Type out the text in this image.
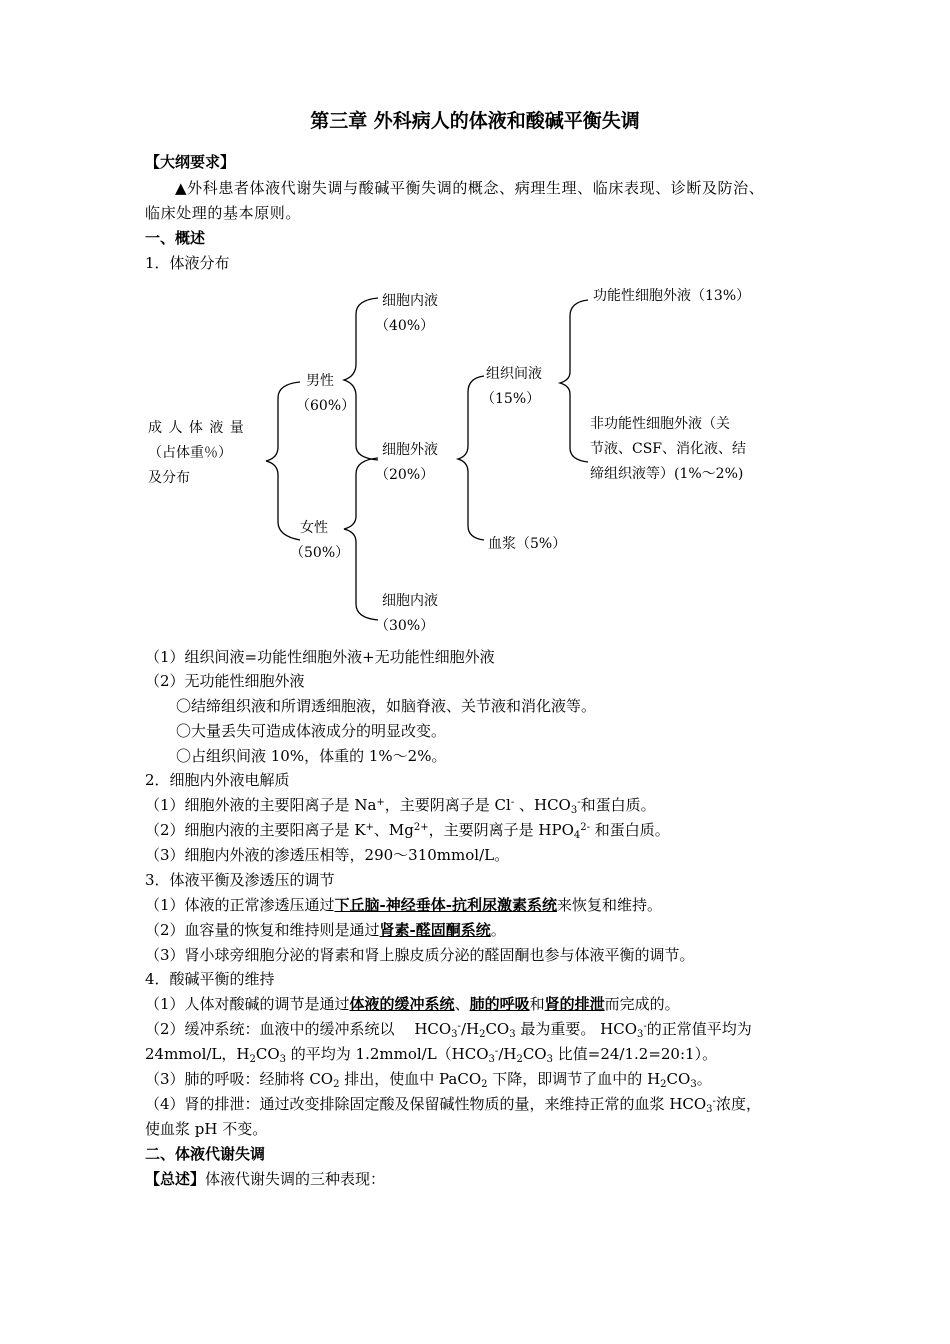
第三章 外科病人的体液和酸碱平衡失调
【大纲要求】
▲外科患者体液代谢失调与酸碱平衡失调的概念、病理生理、临床表现、诊断及防治、
临床处理的基本原则。
一、概述
1．体液分布
成 人 体 液 量
（占体重％）
及分布
男性
（60%）
女性
（50%）
细胞内液
（40%）
细胞外液
（20%）
细胞内液
（30%）
组织间液
（15%）
血浆（5%）
功能性细胞外液（13%）
非功能性细胞外液（关
节液、CSF、消化液、结
缔组织液等）(1%～2%)
（1）组织间液=功能性细胞外液+无功能性细胞外液
（2）无功能性细胞外液
〇结缔组织液和所谓透细胞液，如脑脊液、关节液和消化液等。
〇大量丢失可造成体液成分的明显改变。
〇占组织间液 10%，体重的 1%～2%。
2．细胞内外液电解质
（1）细胞外液的主要阳离子是 Na+，主要阴离子是 Cl- 、$HCO_3^-$和蛋白质。
（2）细胞内液的主要阳离子是 K+、$Mg^{2+}$，主要阴离子是 $HPO_4^{2-}$ 和蛋白质。
（3）细胞内外液的渗透压相等，290～310mmol/L。
3．体液平衡及渗透压的调节
（1）体液的正常渗透压通过下丘脑-神经垂体-抗利尿激素系统来恢复和维持。
（2）血容量的恢复和维持则是通过肾素-醛固酮系统。
（3）肾小球旁细胞分泌的肾素和肾上腺皮质分泌的醛固酮也参与体液平衡的调节。
4．酸碱平衡的维持
（1）人体对酸碱的调节是通过体液的缓冲系统、肺的呼吸和肾的排泄而完成的。
（2）缓冲系统：血液中的缓冲系统以　 $HCO_3^-/H_2CO_3$ 最为重要。 $HCO_3^-$的正常值平均为
24mmol/L，$H_2CO_3$ 的平均为 $1.2mmol/L(HCO_3^-/H_2CO_3$ 比值=24/1.2=20:1）。
（3）肺的呼吸：经肺将 $CO_2$ 排出，使血中 PaCO$_2$ 下降，即调节了血中的 $H_2CO_3$。
（4）肾的排泄：通过改变排除固定酸及保留碱性物质的量，来维持正常的血浆 $HCO_3^-$浓度，
使血浆 pH 不变。
二、体液代谢失调
【总述】体液代谢失调的三种表现：
